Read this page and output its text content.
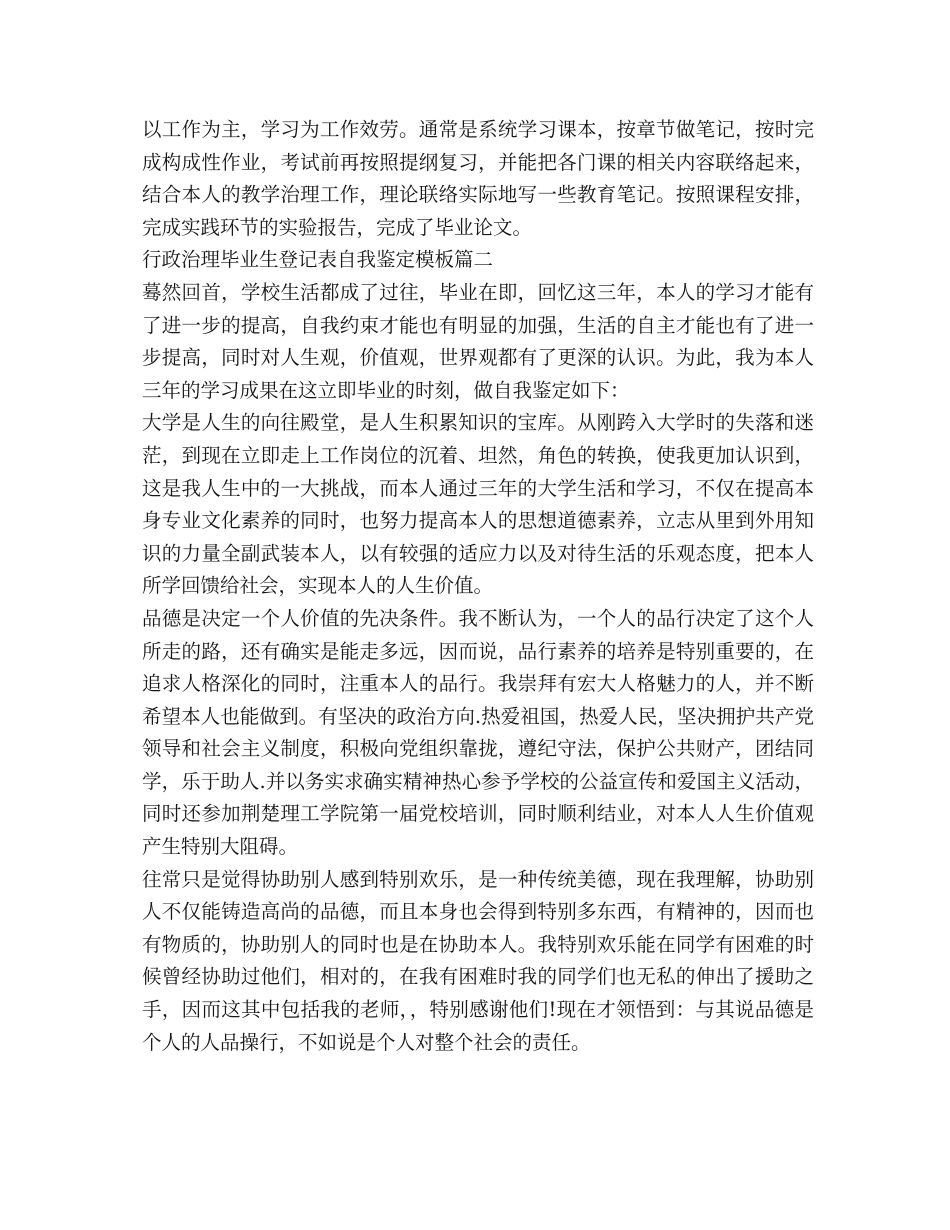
以工作为主，学习为工作效劳。通常是系统学习课本，按章节做笔记，按时完成构成性作业，考试前再按照提纲复习，并能把各门课的相关内容联络起来，结合本人的教学治理工作，理论联络实际地写一些教育笔记。按照课程安排，完成实践环节的实验报告，完成了毕业论文。

行政治理毕业生登记表自我鉴定模板篇二

蓦然回首，学校生活都成了过往，毕业在即，回忆这三年，本人的学习才能有了进一步的提高，自我约束才能也有明显的加强，生活的自主才能也有了进一步提高，同时对人生观，价值观，世界观都有了更深的认识。为此，我为本人三年的学习成果在这立即毕业的时刻，做自我鉴定如下：

大学是人生的向往殿堂，是人生积累知识的宝库。从刚跨入大学时的失落和迷茫，到现在立即走上工作岗位的沉着、坦然，角色的转换，使我更加认识到，这是我人生中的一大挑战，而本人通过三年的大学生活和学习，不仅在提高本身专业文化素养的同时，也努力提高本人的思想道德素养，立志从里到外用知识的力量全副武装本人，以有较强的适应力以及对待生活的乐观态度，把本人所学回馈给社会，实现本人的人生价值。

品德是决定一个人价值的先决条件。我不断认为，一个人的品行决定了这个人所走的路，还有确实是能走多远，因而说，品行素养的培养是特别重要的，在追求人格深化的同时，注重本人的品行。我崇拜有宏大人格魅力的人，并不断希望本人也能做到。有坚决的政治方向.热爱祖国，热爱人民，坚决拥护共产党领导和社会主义制度，积极向党组织靠拢，遵纪守法，保护公共财产，团结同学，乐于助人.并以务实求确实精神热心参予学校的公益宣传和爱国主义活动，同时还参加荆楚理工学院第一届党校培训，同时顺利结业，对本人人生价值观产生特别大阻碍。

往常只是觉得协助别人感到特别欢乐，是一种传统美德，现在我理解，协助别人不仅能铸造高尚的品德，而且本身也会得到特别多东西，有精神的，因而也有物质的，协助别人的同时也是在协助本人。我特别欢乐能在同学有困难的时候曾经协助过他们，相对的，在我有困难时我的同学们也无私的伸出了援助之手，因而这其中包括我的老师，，特别感谢他们!现在才领悟到：与其说品德是个人的人品操行，不如说是个人对整个社会的责任。
